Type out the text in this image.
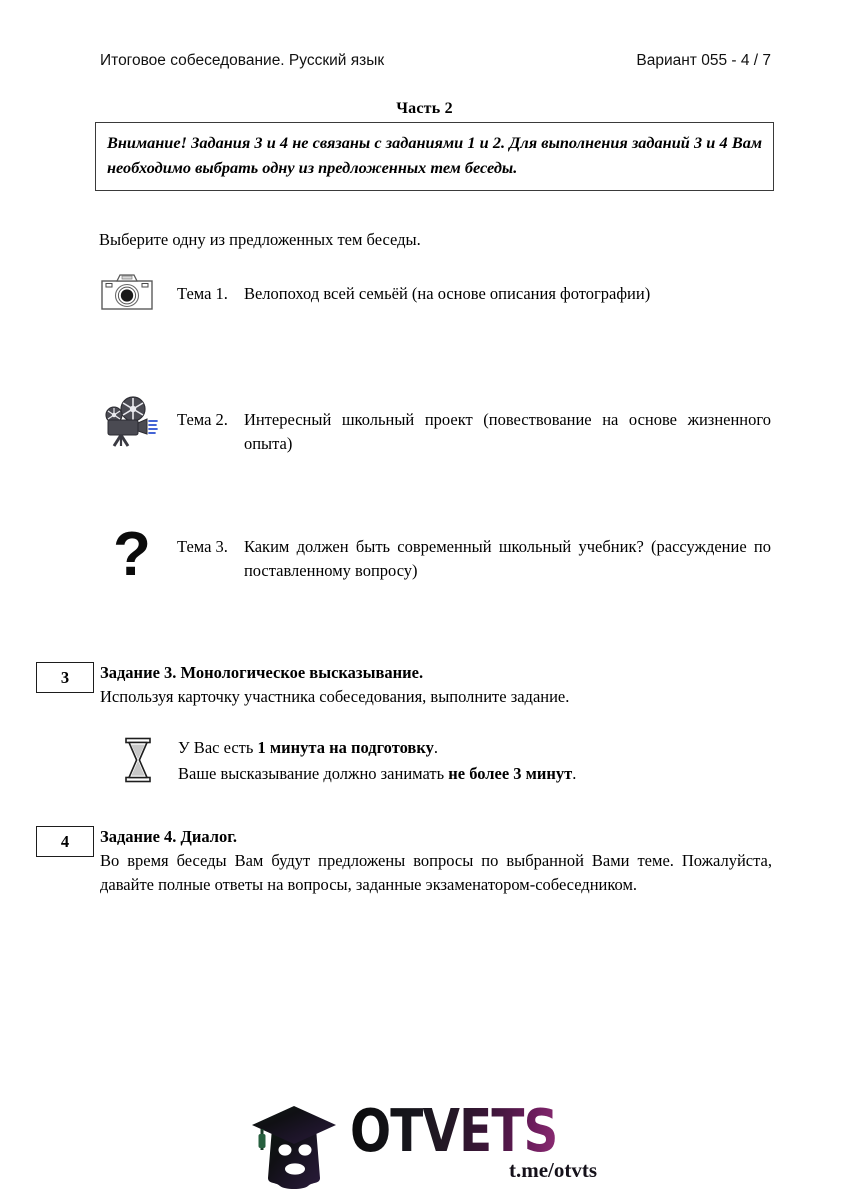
Итоговое собеседование. Русский язык	Вариант 055 - 4 / 7
Часть 2

Внимание! Задания 3 и 4 не связаны с заданиями 1 и 2. Для выполнения заданий 3 и 4 Вам необходимо выбрать одну из предложенных тем беседы.

Выберите одну из предложенных тем беседы.
Тема 1. Велопоход всей семьёй (на основе описания фотографии)
Тема 2. Интересный школьный проект (повествование на основе жизненного опыта)
? Тема 3. Каким должен быть современный школьный учебник? (рассуждение по поставленному вопросу)
3	Задание 3. Монологическое высказывание.

Используя карточку участника собеседования, выполните задание.

У Вас есть 1 минута на подготовку.

Ваше высказывание должно занимать не более 3 минут.

4	Задание 4. Диалог.

Во время беседы Вам будут предложены вопросы по выбранной Вами теме. Пожалуйста, давайте полные ответы на вопросы, заданные экзаменатором-собеседником.

OTVETS
t.me/otvts
